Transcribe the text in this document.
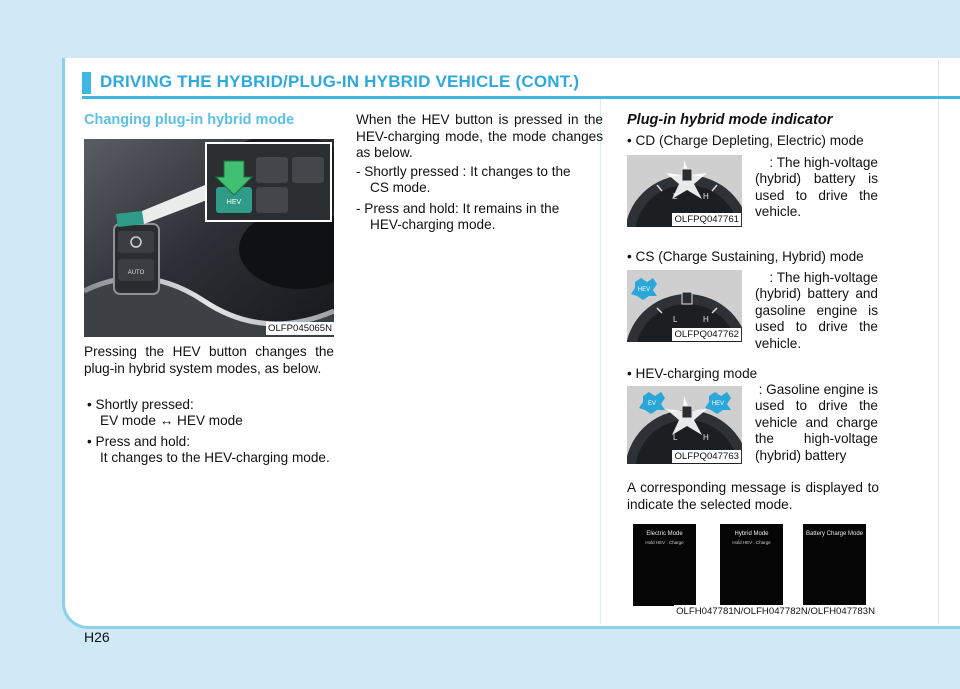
DRIVING THE HYBRID/PLUG-IN HYBRID VEHICLE (CONT.)
Changing plug-in hybrid mode
AUTO
HEV
OLFP045065N
Pressing the HEV button changes the plug-in hybrid system modes, as below.
• Shortly pressed:
EV mode ↔ HEV mode
• Press and hold:
It changes to the HEV-charging mode.
When the HEV button is pressed in the HEV-charging mode, the mode changes as below.
- Shortly pressed : It changes to the
CS mode.
- Press and hold: It remains in the
HEV-charging mode.
Plug-in hybrid mode indicator
• CD (Charge Depleting, Electric) mode
: The high-voltage
(hybrid) battery is used to drive the vehicle.
L	H
OLFPQ047761
• CS (Charge Sustaining, Hybrid) mode
: The high-voltage
(hybrid) battery and gasoline engine is used to drive the vehicle.
HEV
L	H
OLFPQ047762
• HEV-charging mode
: Gasoline engine is
used to drive the vehicle and charge the high-voltage (hybrid) battery
EV	HEV
L	H
OLFPQ047763
A corresponding message is displayed to indicate the selected mode.
Electric Mode
Hold HEV : Charge
Hybrid Mode
Hold HEV : Charge
Battery Charge Mode
OLFH047781N/OLFH047782N/OLFH047783N
H26
